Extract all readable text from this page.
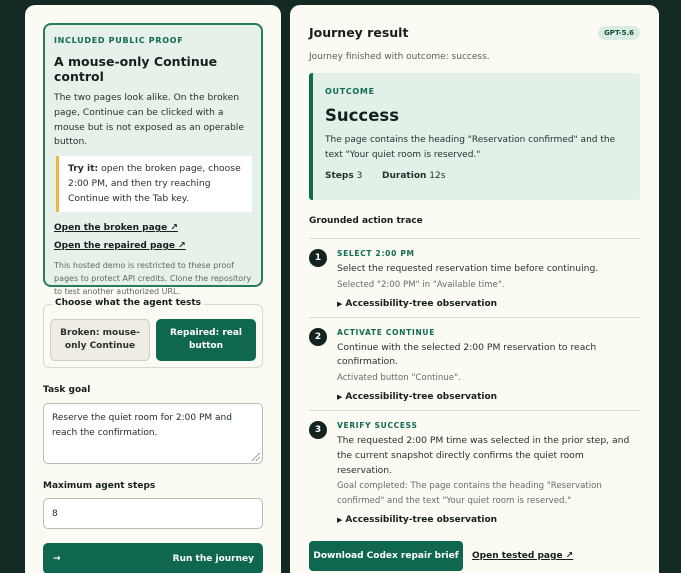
INCLUDED PUBLIC PROOF
A mouse-only Continue control

The two pages look alike. On the broken page, Continue can be clicked with a mouse but is not exposed as an operable button.

Try it: open the broken page, choose 2:00 PM, and then try reaching Continue with the Tab key.
Open the broken page ↗
Open the repaired page ↗

This hosted demo is restricted to these proof pages to protect API credits. Clone the repository to test another authorized URL.

Choose what the agent tests
Broken: mouse-only Continue
Repaired: real button
Task goal
Reserve the quiet room for 2:00 PM and reach the confirmation.
Maximum agent steps
8
→	Run the journey
Journey result	GPT-5.6
Journey finished with outcome: success.
OUTCOME
Success

The page contains the heading "Reservation confirmed" and the text "Your quiet room is reserved."

Steps 3 Duration 12s
Grounded action trace
1	SELECT 2:00 PM
Select the requested reservation time before continuing.
Selected "2:00 PM" in "Available time".
▶ Accessibility-tree observation
2	ACTIVATE CONTINUE
Continue with the selected 2:00 PM reservation to reach confirmation.
Activated button "Continue".
▶ Accessibility-tree observation
3	VERIFY SUCCESS
The requested 2:00 PM time was selected in the prior step, and the current snapshot directly confirms the quiet room reservation.
Goal completed: The page contains the heading "Reservation confirmed" and the text "Your quiet room is reserved."
▶ Accessibility-tree observation
Download Codex repair brief	Open tested page ↗
